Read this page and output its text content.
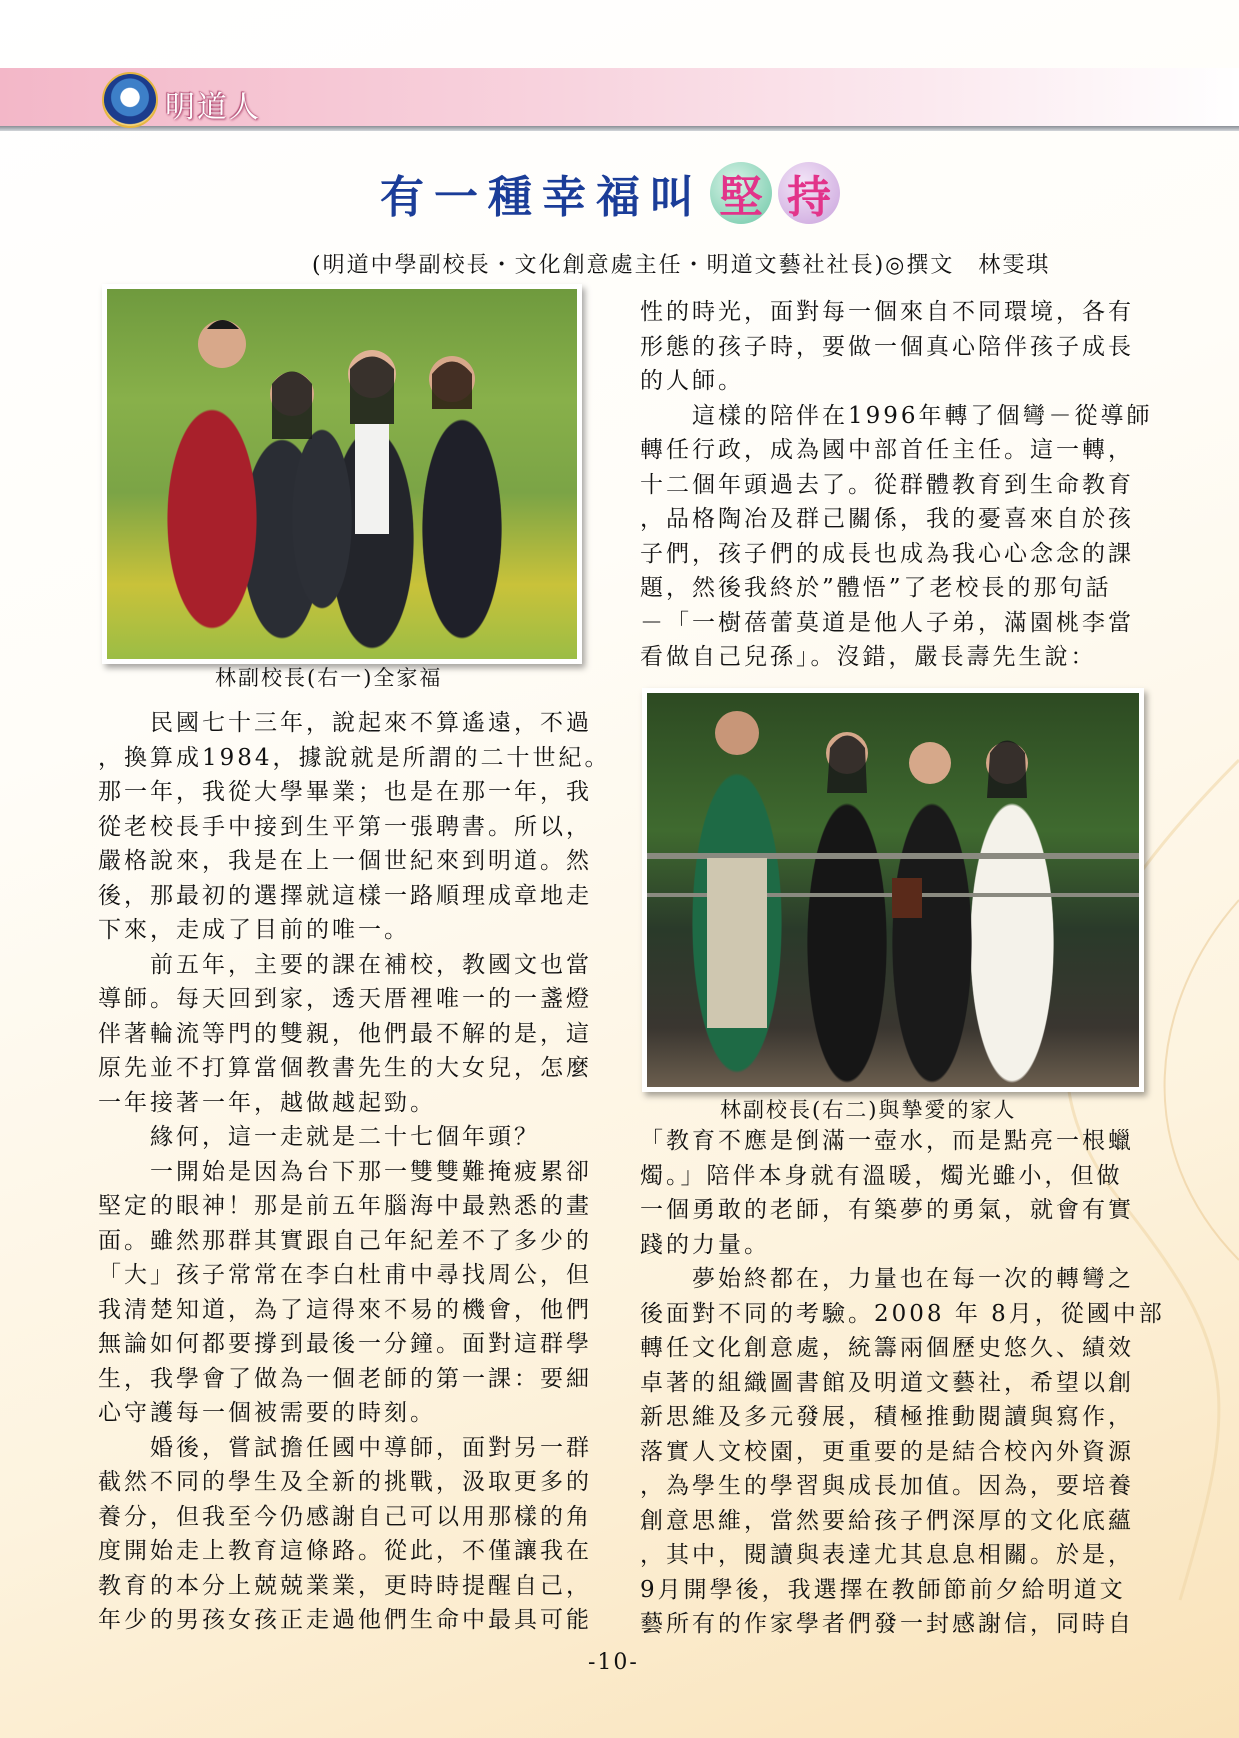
明道人
有一種幸福叫 堅 持
(明道中學副校長・文化創意處主任・明道文藝社社長)◎撰文　林雯琪
林副校長(右一)全家福
林副校長(右二)與摯愛的家人

性的時光，面對每一個來自不同環境，各有

形態的孩子時，要做一個真心陪伴孩子成長

的人師。

　　這樣的陪伴在1996年轉了個彎－從導師

轉任行政，成為國中部首任主任。這一轉，

十二個年頭過去了。從群體教育到生命教育

，品格陶冶及群己關係，我的憂喜來自於孩

子們，孩子們的成長也成為我心心念念的課

題，然後我終於”體悟”了老校長的那句話

－「一樹蓓蕾莫道是他人子弟，滿園桃李當

看做自己兒孫」。沒錯，嚴長壽先生說：

　　民國七十三年，說起來不算遙遠，不過

，換算成1984，據說就是所謂的二十世紀。

那一年，我從大學畢業；也是在那一年，我

從老校長手中接到生平第一張聘書。所以，

嚴格說來，我是在上一個世紀來到明道。然

後，那最初的選擇就這樣一路順理成章地走

下來，走成了目前的唯一。

　　前五年，主要的課在補校，教國文也當

導師。每天回到家，透天厝裡唯一的一盞燈

伴著輪流等門的雙親，他們最不解的是，這

原先並不打算當個教書先生的大女兒，怎麼

一年接著一年，越做越起勁。

　　緣何，這一走就是二十七個年頭？

　　一開始是因為台下那一雙雙難掩疲累卻

堅定的眼神！那是前五年腦海中最熟悉的畫

面。雖然那群其實跟自己年紀差不了多少的

「大」孩子常常在李白杜甫中尋找周公，但

我清楚知道，為了這得來不易的機會，他們

無論如何都要撐到最後一分鐘。面對這群學

生，我學會了做為一個老師的第一課：要細

心守護每一個被需要的時刻。

　　婚後，嘗試擔任國中導師，面對另一群

截然不同的學生及全新的挑戰，汲取更多的

養分，但我至今仍感謝自己可以用那樣的角

度開始走上教育這條路。從此，不僅讓我在

教育的本分上兢兢業業，更時時提醒自己，

年少的男孩女孩正走過他們生命中最具可能

「教育不應是倒滿一壺水，而是點亮一根蠟

燭。」陪伴本身就有溫暖，燭光雖小，但做

一個勇敢的老師，有築夢的勇氣，就會有實

踐的力量。

　　夢始終都在，力量也在每一次的轉彎之

後面對不同的考驗。2008 年 8月，從國中部

轉任文化創意處，統籌兩個歷史悠久、績效

卓著的組織圖書館及明道文藝社，希望以創

新思維及多元發展，積極推動閱讀與寫作，

落實人文校園，更重要的是結合校內外資源

，為學生的學習與成長加值。因為，要培養

創意思維，當然要給孩子們深厚的文化底蘊

，其中，閱讀與表達尤其息息相關。於是，

9月開學後，我選擇在教師節前夕給明道文

藝所有的作家學者們發一封感謝信，同時自

-10-
